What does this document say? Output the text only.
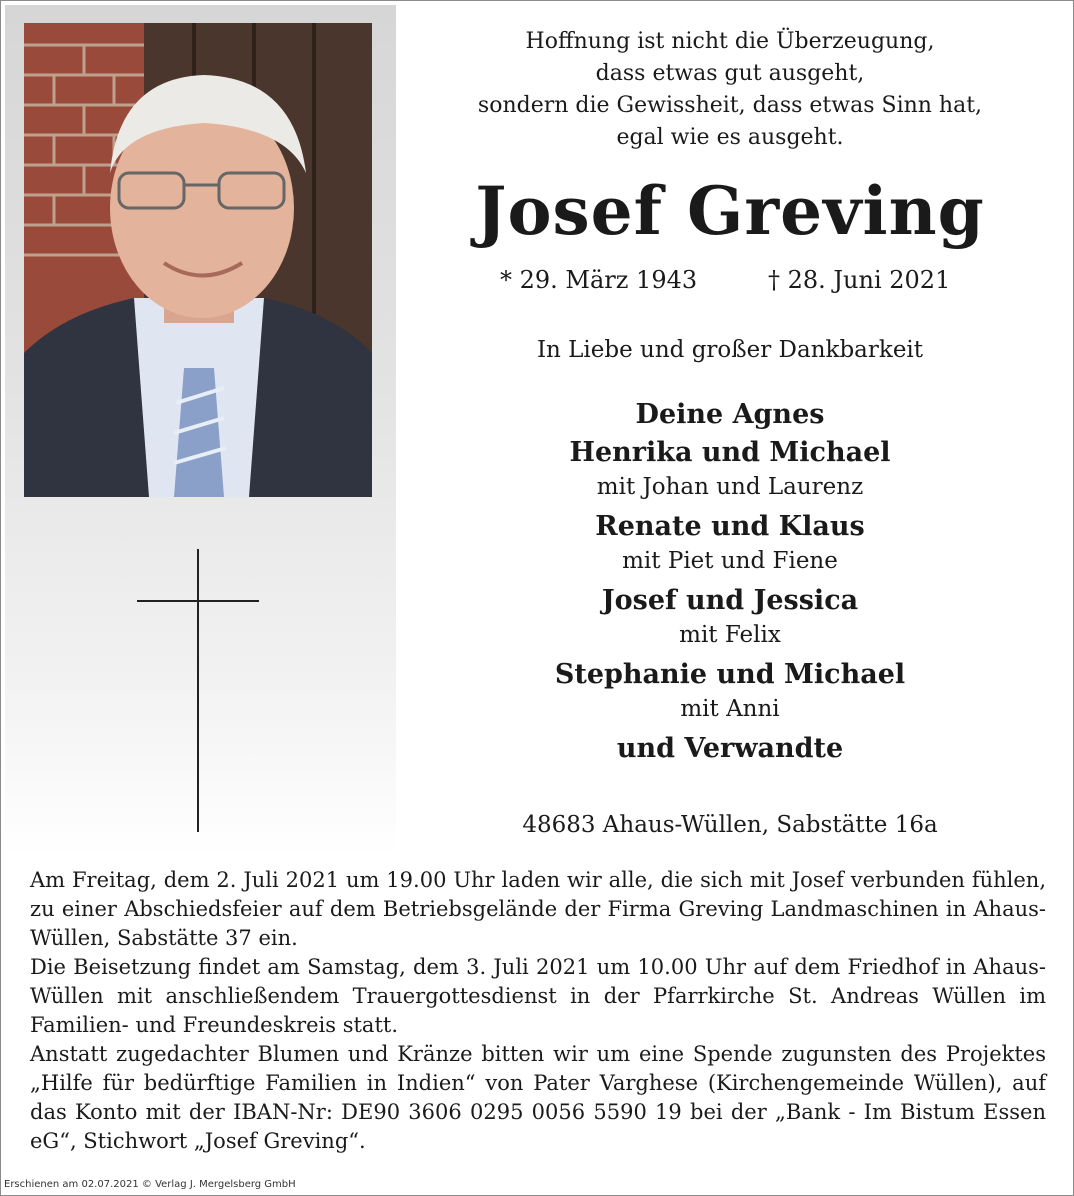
Hoffnung ist nicht die Überzeugung,
dass etwas gut ausgeht,
sondern die Gewissheit, dass etwas Sinn hat,
egal wie es ausgeht.
Josef Greving
* 29. März 1943	† 28. Juni 2021
In Liebe und großer Dankbarkeit
Deine Agnes
Henrika und Michael
mit Johan und Laurenz
Renate und Klaus
mit Piet und Fiene
Josef und Jessica
mit Felix
Stephanie und Michael
mit Anni
und Verwandte
48683 Ahaus-Wüllen, Sabstätte 16a

Am Freitag, dem 2. Juli 2021 um 19.00 Uhr laden wir alle, die sich mit Josef verbunden fühlen, zu einer Abschiedsfeier auf dem Betriebsgelände der Firma Greving Landmaschinen in Ahaus-Wüllen, Sabstätte 37 ein.

Die Beisetzung findet am Samstag, dem 3. Juli 2021 um 10.00 Uhr auf dem Friedhof in Ahaus-Wüllen mit anschließendem Trauergottesdienst in der Pfarrkirche St. Andreas Wüllen im Familien- und Freundeskreis statt.

Anstatt zugedachter Blumen und Kränze bitten wir um eine Spende zugunsten des Projektes „Hilfe für bedürftige Familien in Indien“ von Pater Varghese (Kirchengemeinde Wüllen), auf das Konto mit der IBAN-Nr: DE90 3606 0295 0056 5590 19 bei der „Bank - Im Bistum Essen eG“, Stichwort „Josef Greving“.

Erschienen am 02.07.2021 © Verlag J. Mergelsberg GmbH
